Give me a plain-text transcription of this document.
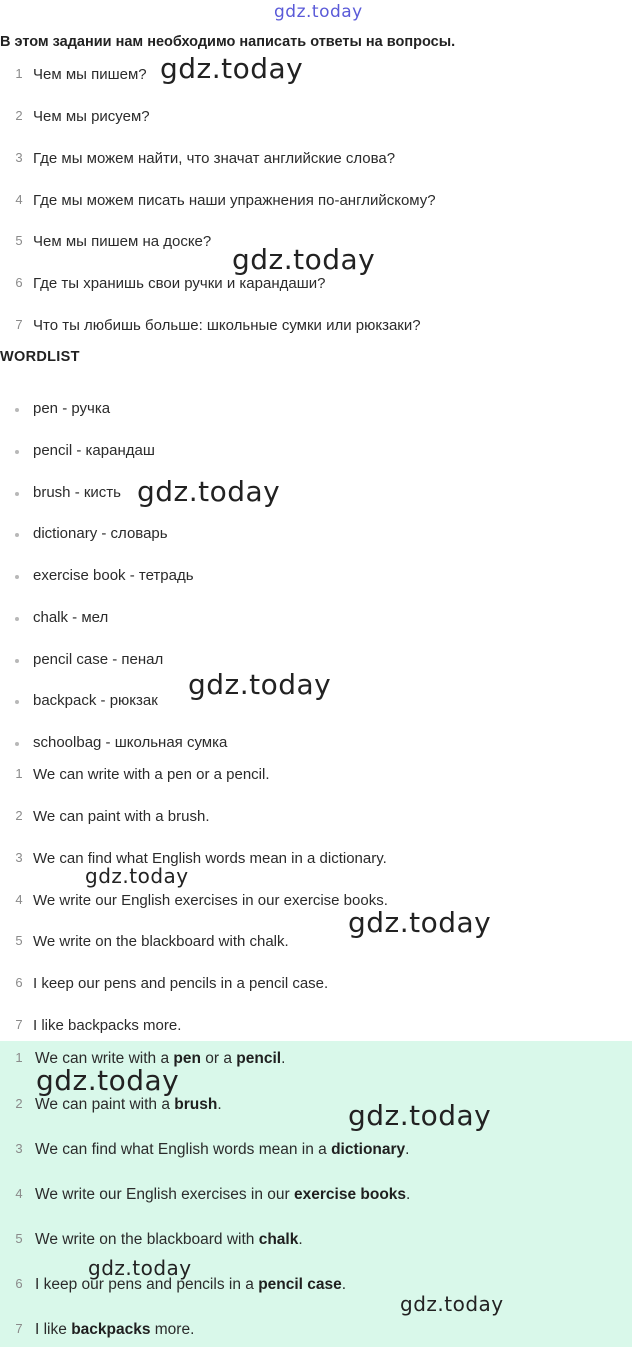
gdz.today
В этом задании нам необходимо написать ответы на вопросы.
1 Чем мы пишем?
2 Чем мы рисуем?
3 Где мы можем найти, что значат английские слова?
4 Где мы можем писать наши упражнения по-английскому?
5 Чем мы пишем на доске?
6 Где ты хранишь свои ручки и карандаши?
7 Что ты любишь больше: школьные сумки или рюкзаки?
WORDLIST
pen - ручка
pencil - карандаш
brush - кисть
dictionary - словарь
exercise book - тетрадь
chalk - мел
pencil case - пенал
backpack - рюкзак
schoolbag - школьная сумка
1 We can write with a pen or a pencil.
2 We can paint with a brush.
3 We can find what English words mean in a dictionary.
4 We write our English exercises in our exercise books.
5 We write on the blackboard with chalk.
6 I keep our pens and pencils in a pencil case.
7 I like backpacks more.
1 We can write with a pen or a pencil.
2 We can paint with a brush.
3 We can find what English words mean in a dictionary.
4 We write our English exercises in our exercise books.
5 We write on the blackboard with chalk.
6 I keep our pens and pencils in a pencil case.
7 I like backpacks more.
gdz.today
gdz.today
gdz.today
gdz.today
gdz.today
gdz.today
gdz.today
gdz.today
gdz.today
gdz.today
